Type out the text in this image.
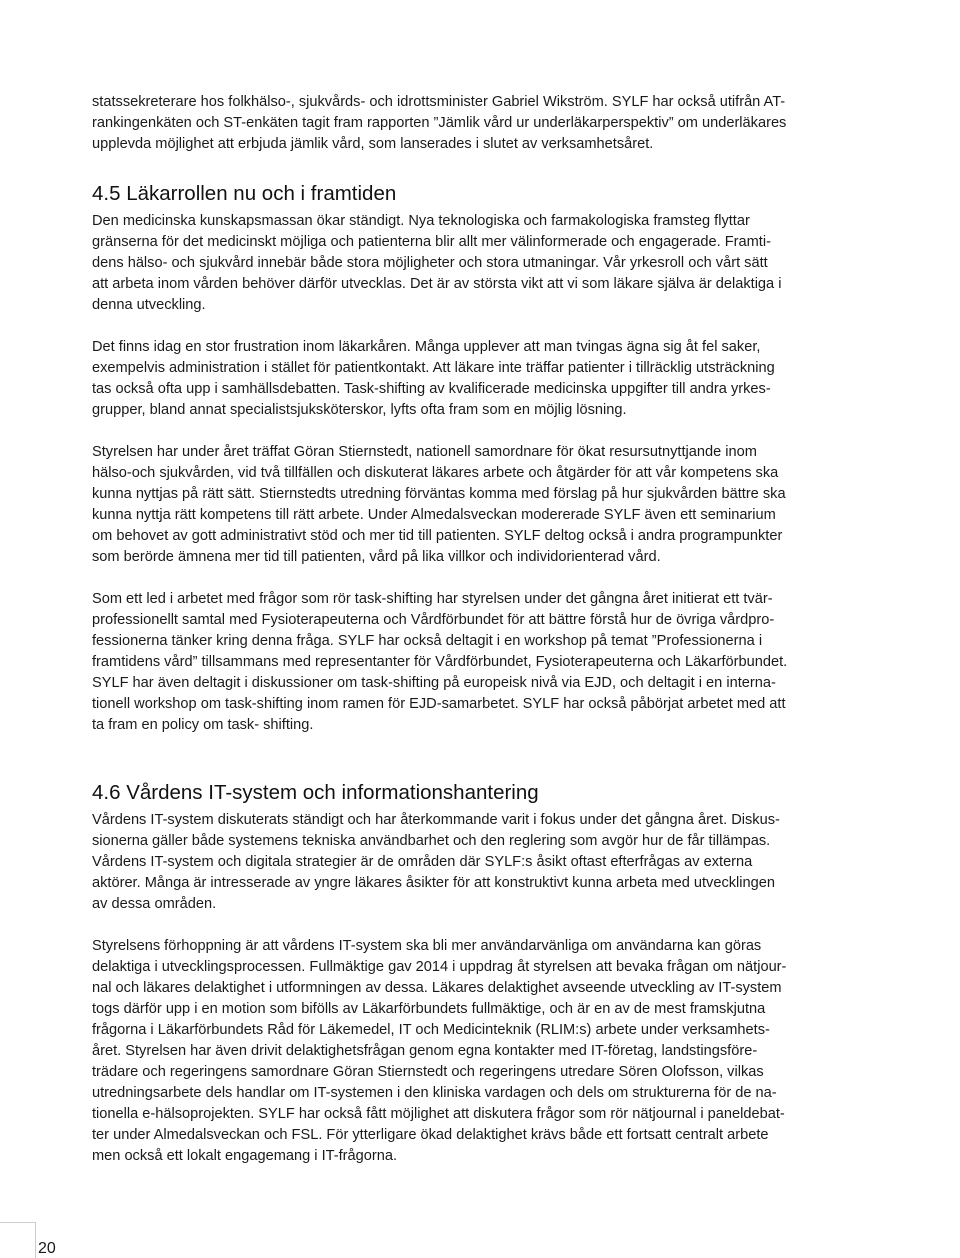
statssekreterare hos folkhälso-, sjukvårds- och idrottsminister Gabriel Wikström. SYLF har också utifrån AT-
rankingenkäten och ST-enkäten tagit fram rapporten ”Jämlik vård ur underläkarperspektiv” om underläkares
upplevda möjlighet att erbjuda jämlik vård, som lanserades i slutet av verksamhetsåret.

4.5 Läkarrollen nu och i framtiden

Den medicinska kunskapsmassan ökar ständigt. Nya teknologiska och farmakologiska framsteg flyttar
gränserna för det medicinskt möjliga och patienterna blir allt mer välinformerade och engagerade. Framti-
dens hälso- och sjukvård innebär både stora möjligheter och stora utmaningar. Vår yrkesroll och vårt sätt
att arbeta inom vården behöver därför utvecklas. Det är av största vikt att vi som läkare själva är delaktiga i
denna utveckling.

Det finns idag en stor frustration inom läkarkåren. Många upplever att man tvingas ägna sig åt fel saker,
exempelvis administration i stället för patientkontakt. Att läkare inte träffar patienter i tillräcklig utsträckning
tas också ofta upp i samhällsdebatten. Task-shifting av kvalificerade medicinska uppgifter till andra yrkes-
grupper, bland annat specialistsjuksköterskor, lyfts ofta fram som en möjlig lösning.

Styrelsen har under året träffat Göran Stiernstedt, nationell samordnare för ökat resursutnyttjande inom
hälso-och sjukvården, vid två tillfällen och diskuterat läkares arbete och åtgärder för att vår kompetens ska
kunna nyttjas på rätt sätt. Stiernstedts utredning förväntas komma med förslag på hur sjukvården bättre ska
kunna nyttja rätt kompetens till rätt arbete. Under Almedalsveckan modererade SYLF även ett seminarium
om behovet av gott administrativt stöd och mer tid till patienten. SYLF deltog också i andra programpunkter
som berörde ämnena mer tid till patienten, vård på lika villkor och individorienterad vård.

Som ett led i arbetet med frågor som rör task-shifting har styrelsen under det gångna året initierat ett tvär-
professionellt samtal med Fysioterapeuterna och Vårdförbundet för att bättre förstå hur de övriga vårdpro-
fessionerna tänker kring denna fråga. SYLF har också deltagit i en workshop på temat ”Professionerna i
framtidens vård” tillsammans med representanter för Vårdförbundet, Fysioterapeuterna och Läkarförbundet.
SYLF har även deltagit i diskussioner om task-shifting på europeisk nivå via EJD, och deltagit i en interna-
tionell workshop om task-shifting inom ramen för EJD-samarbetet. SYLF har också påbörjat arbetet med att
ta fram en policy om task- shifting.

4.6 Vårdens IT-system och informationshantering

Vårdens IT-system diskuterats ständigt och har återkommande varit i fokus under det gångna året. Diskus-
sionerna gäller både systemens tekniska användbarhet och den reglering som avgör hur de får tillämpas.
Vårdens IT-system och digitala strategier är de områden där SYLF:s åsikt oftast efterfrågas av externa
aktörer. Många är intresserade av yngre läkares åsikter för att konstruktivt kunna arbeta med utvecklingen
av dessa områden.

Styrelsens förhoppning är att vårdens IT-system ska bli mer användarvänliga om användarna kan göras
delaktiga i utvecklingsprocessen. Fullmäktige gav 2014 i uppdrag åt styrelsen att bevaka frågan om nätjour-
nal och läkares delaktighet i utformningen av dessa. Läkares delaktighet avseende utveckling av IT-system
togs därför upp i en motion som bifölls av Läkarförbundets fullmäktige, och är en av de mest framskjutna
frågorna i Läkarförbundets Råd för Läkemedel, IT och Medicinteknik (RLIM:s) arbete under verksamhets-
året. Styrelsen har även drivit delaktighetsfrågan genom egna kontakter med IT-företag, landstingsföre-
trädare och regeringens samordnare Göran Stiernstedt och regeringens utredare Sören Olofsson, vilkas
utredningsarbete dels handlar om IT-systemen i den kliniska vardagen och dels om strukturerna för de na-
tionella e-hälsoprojekten. SYLF har också fått möjlighet att diskutera frågor som rör nätjournal i paneldebat-
ter under Almedalsveckan och FSL. För ytterligare ökad delaktighet krävs både ett fortsatt centralt arbete
men också ett lokalt engagemang i IT-frågorna.

20
